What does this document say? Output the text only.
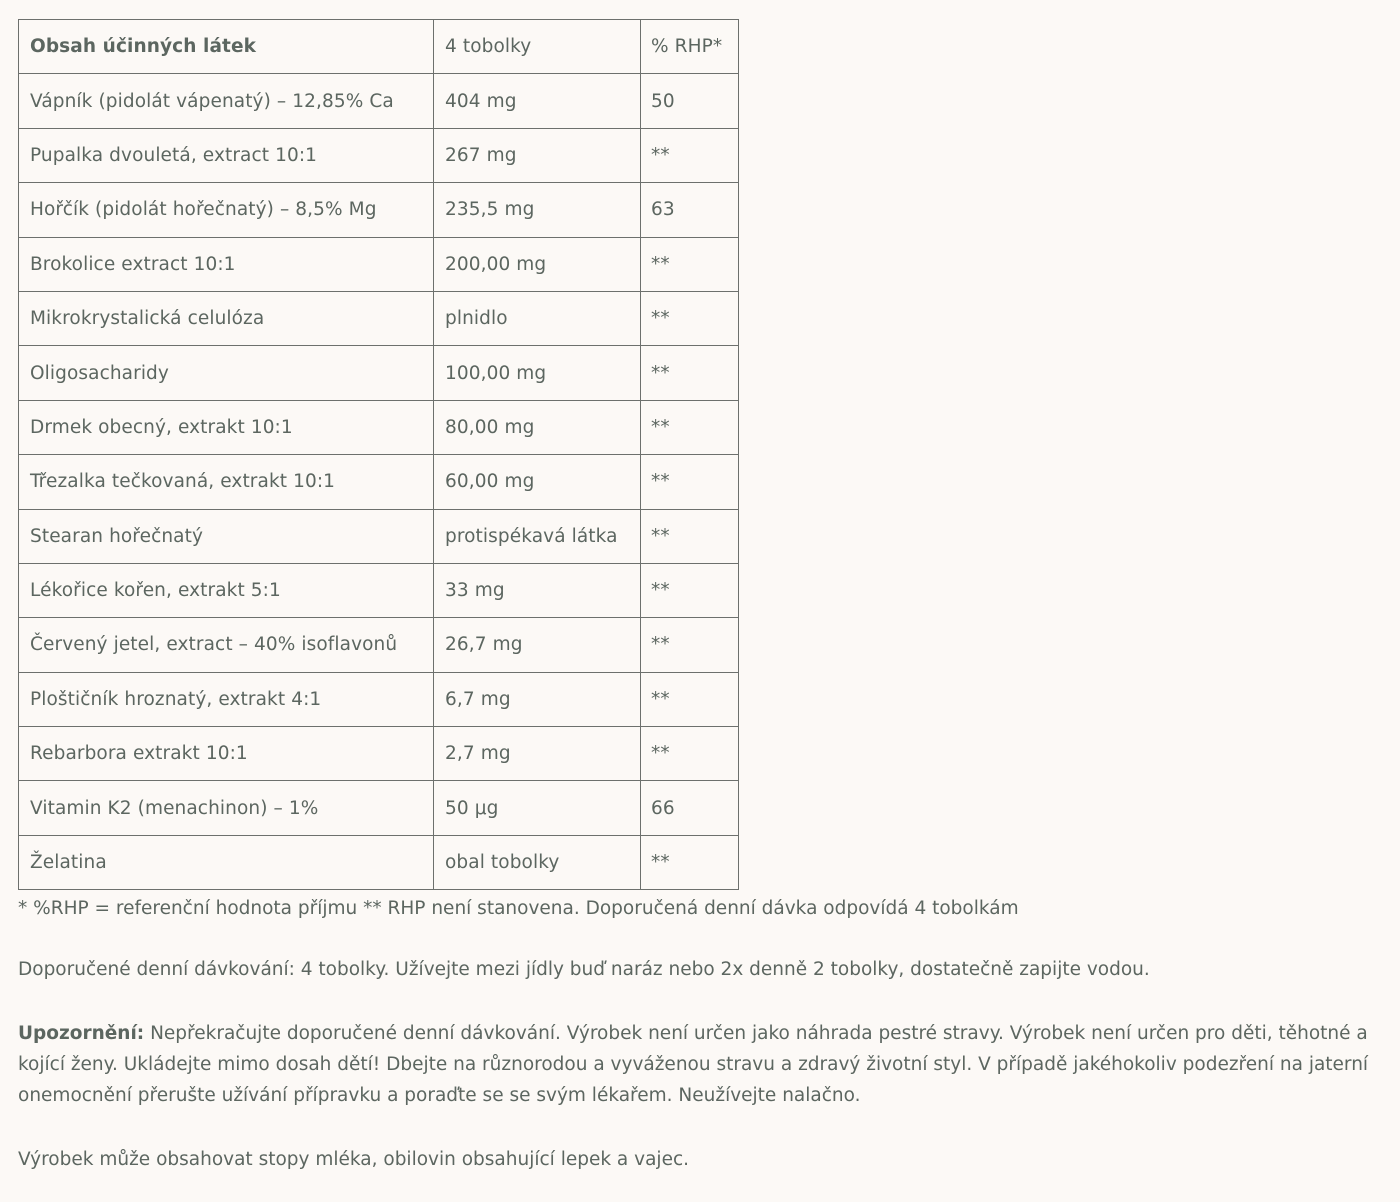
Obsah účinných látek	4 tobolky	% RHP*
Vápník (pidolát vápenatý) – 12,85% Ca	404 mg	50
Pupalka dvouletá, extract 10:1	267 mg	**
Hořčík (pidolát hořečnatý) – 8,5% Mg	235,5 mg	63
Brokolice extract 10:1	200,00 mg	**
Mikrokrystalická celulóza	plnidlo	**
Oligosacharidy	100,00 mg	**
Drmek obecný, extrakt 10:1	80,00 mg	**
Třezalka tečkovaná, extrakt 10:1	60,00 mg	**
Stearan hořečnatý	protispékavá látka	**
Lékořice kořen, extrakt 5:1	33 mg	**
Červený jetel, extract – 40% isoflavonů	26,7 mg	**
Ploštičník hroznatý, extrakt 4:1	6,7 mg	**
Rebarbora extrakt 10:1	2,7 mg	**
Vitamin K2 (menachinon) – 1%	50 μg	66
Želatina	obal tobolky	**

* %RHP = referenční hodnota příjmu ** RHP není stanovena. Doporučená denní dávka odpovídá 4 tobolkám

Doporučené denní dávkování: 4 tobolky. Užívejte mezi jídly buď naráz nebo 2x denně 2 tobolky, dostatečně zapijte vodou.

Upozornění: Nepřekračujte doporučené denní dávkování. Výrobek není určen jako náhrada pestré stravy. Výrobek není určen pro děti, těhotné a kojící ženy. Ukládejte mimo dosah dětí! Dbejte na různorodou a vyváženou stravu a zdravý životní styl. V případě jakéhokoliv podezření na jaterní onemocnění přerušte užívání přípravku a poraďte se se svým lékařem. Neužívejte nalačno.

Výrobek může obsahovat stopy mléka, obilovin obsahující lepek a vajec.
